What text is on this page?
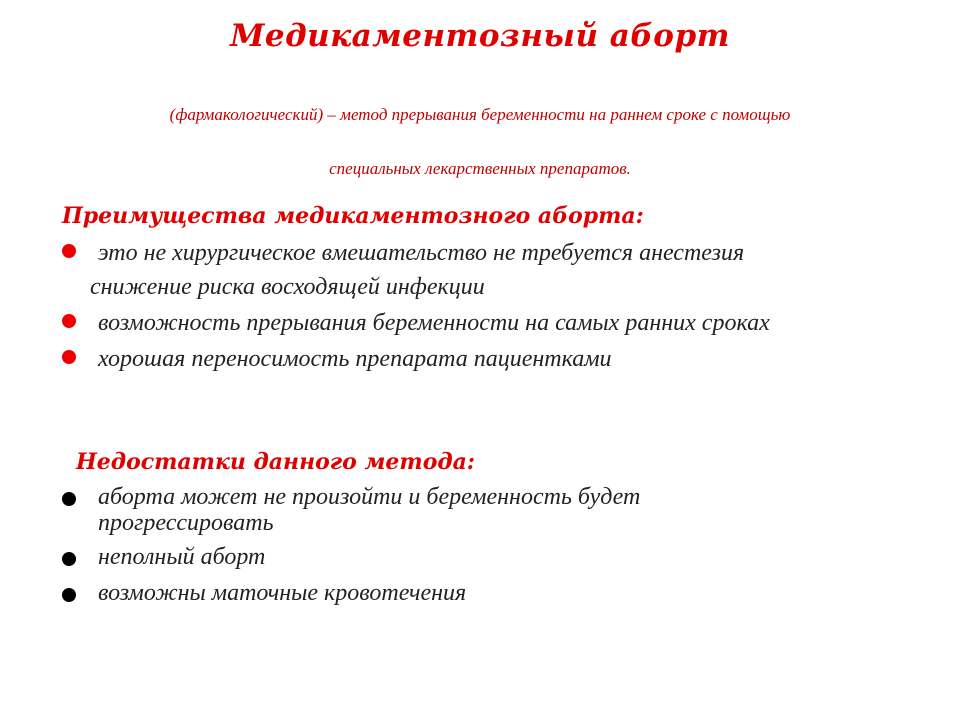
Медикаментозный аборт
(фармакологический) – метод прерывания беременности на раннем сроке с помощью
специальных лекарственных препаратов.
Преимущества медикаментозного аборта:
это не хирургическое вмешательство не требуется анестезия
снижение риска восходящей инфекции
возможность прерывания беременности на самых ранних сроках
хорошая переносимость препарата пациентками
Недостатки данного метода:
аборта может не произойти и беременность будет прогрессировать
неполный аборт
возможны маточные кровотечения
